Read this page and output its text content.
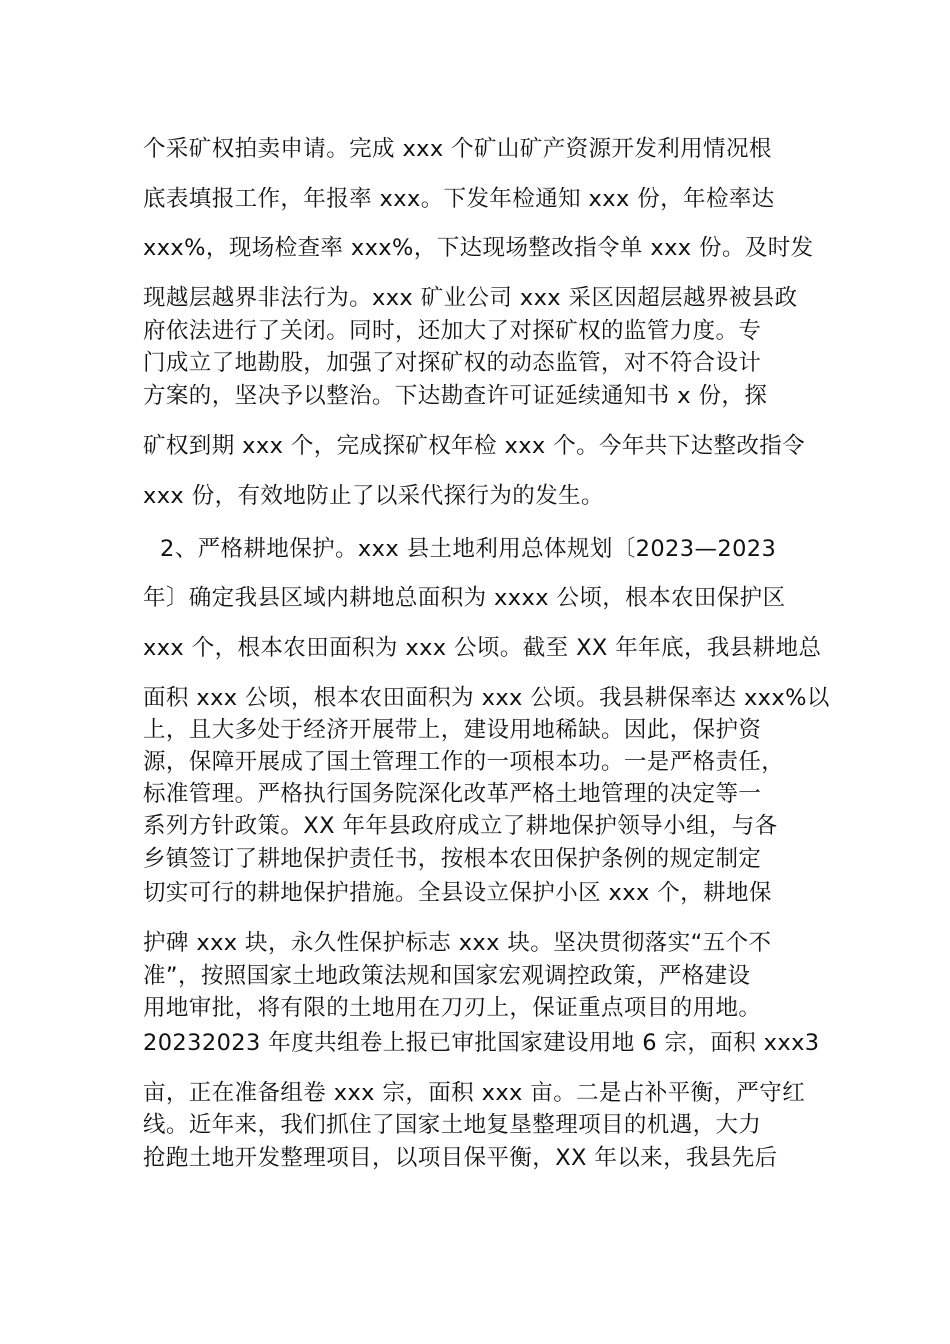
个采矿权拍卖申请。完成 xxx 个矿山矿产资源开发利用情况根
底表填报工作，年报率 xxx。下发年检通知 xxx 份，年检率达
xxx%，现场检查率 xxx%，下达现场整改指令单 xxx 份。及时发
现越层越界非法行为。xxx 矿业公司 xxx 采区因超层越界被县政
府依法进行了关闭。同时，还加大了对探矿权的监管力度。专
门成立了地勘股，加强了对探矿权的动态监管，对不符合设计
方案的，坚决予以整治。下达勘查许可证延续通知书 x 份，探
矿权到期 xxx 个，完成探矿权年检 xxx 个。今年共下达整改指令
xxx 份，有效地防止了以采代探行为的发生。
2、严格耕地保护。xxx 县土地利用总体规划〔2023—2023
年〕确定我县区域内耕地总面积为 xxxx 公顷，根本农田保护区
xxx 个，根本农田面积为 xxx 公顷。截至 XX 年年底，我县耕地总
面积 xxx 公顷，根本农田面积为 xxx 公顷。我县耕保率达 xxx%以
上，且大多处于经济开展带上，建设用地稀缺。因此，保护资
源，保障开展成了国土管理工作的一项根本功。一是严格责任，
标准管理。严格执行国务院深化改革严格土地管理的决定等一
系列方针政策。XX 年年县政府成立了耕地保护领导小组，与各
乡镇签订了耕地保护责任书，按根本农田保护条例的规定制定
切实可行的耕地保护措施。全县设立保护小区 xxx 个，耕地保
护碑 xxx 块，永久性保护标志 xxx 块。坚决贯彻落实“五个不
准”，按照国家土地政策法规和国家宏观调控政策，严格建设
用地审批，将有限的土地用在刀刃上，保证重点项目的用地。
20232023 年度共组卷上报已审批国家建设用地 6 宗，面积 xxx3
亩，正在准备组卷 xxx 宗，面积 xxx 亩。二是占补平衡，严守红
线。近年来，我们抓住了国家土地复垦整理项目的机遇，大力
抢跑土地开发整理项目，以项目保平衡，XX 年以来，我县先后
